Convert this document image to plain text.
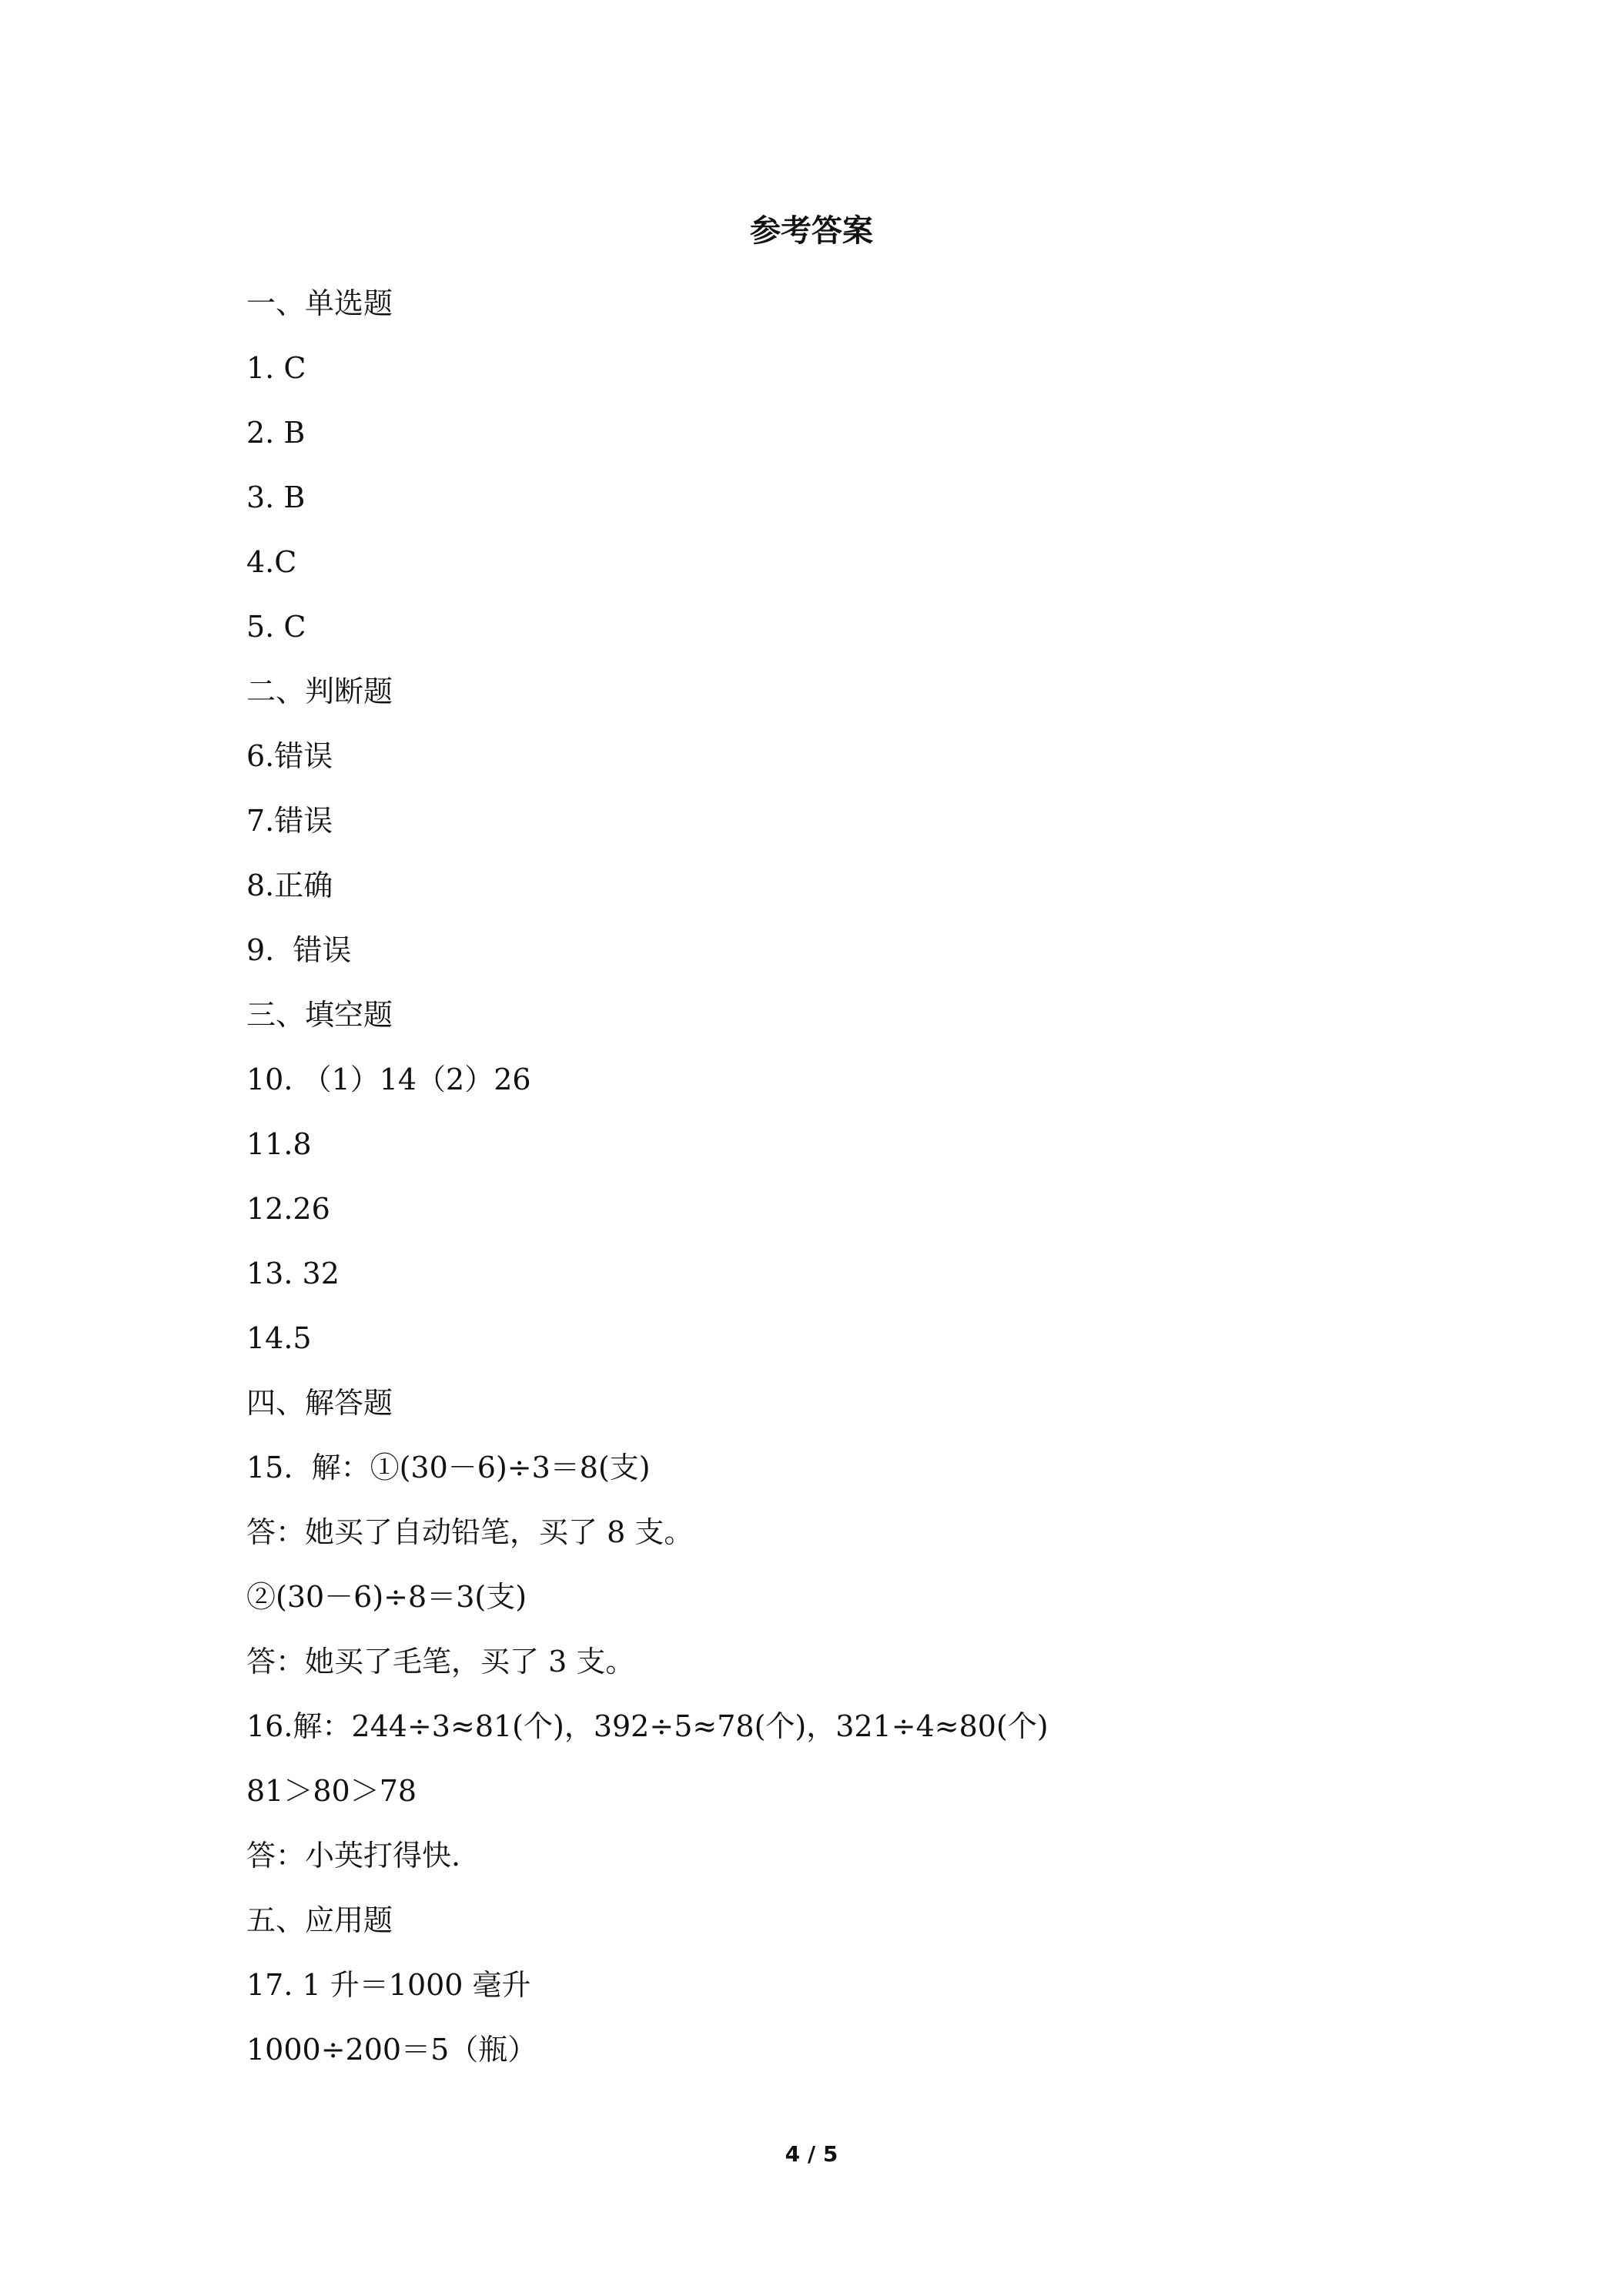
参考答案
一、单选题
1. C
2. B
3. B
4.C
5. C
二、判断题
6.错误
7.错误
8.正确
9.  错误
三、填空题
10. （1）14（2）26
11.8
12.26
13. 32
14.5
四、解答题
15.  解：①(30－6)÷3＝8(支)
答：她买了自动铅笔，买了 8 支。
②(30－6)÷8＝3(支)
答：她买了毛笔，买了 3 支。
16.解：244÷3≈81(个)，392÷5≈78(个)，321÷4≈80(个)
81＞80＞78
答：小英打得快.
五、应用题
17. 1 升＝1000 毫升
1000÷200＝5（瓶）
4 / 5
